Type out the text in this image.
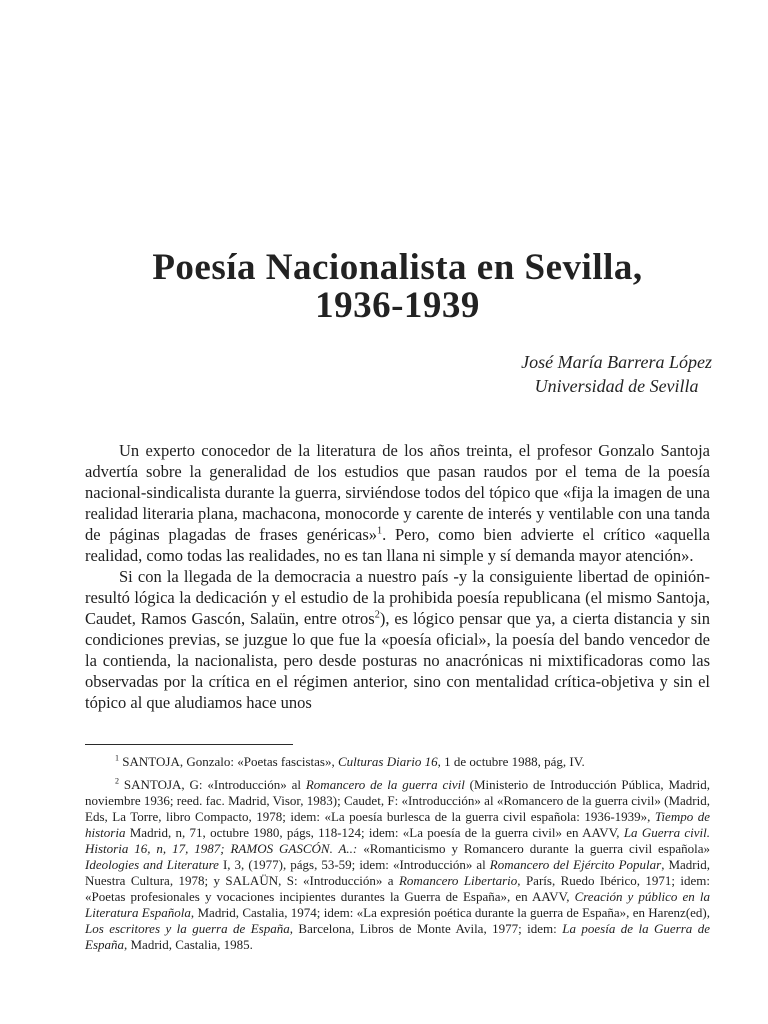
Poesía Nacionalista en Sevilla,
1936-1939
José María Barrera López
Universidad de Sevilla

Un experto conocedor de la literatura de los años treinta, el profesor Gonzalo Santoja advertía sobre la generalidad de los estudios que pasan raudos por el tema de la poesía nacional-sindicalista durante la guerra, sirviéndose todos del tópico que «fija la imagen de una realidad literaria plana, machacona, monocorde y carente de interés y ventilable con una tanda de páginas plagadas de frases genéricas»$^1$. Pero, como bien advierte el crítico «aquella realidad, como todas las realidades, no es tan llana ni simple y sí demanda mayor atención».

Si con la llegada de la democracia a nuestro país -y la consiguiente libertad de opinión- resultó lógica la dedicación y el estudio de la prohibida poesía republicana (el mismo Santoja, Caudet, Ramos Gascón, Salaün, entre otros$^2$), es lógico pensar que ya, a cierta distancia y sin condiciones previas, se juzgue lo que fue la «poesía oficial», la poesía del bando vencedor de la contienda, la nacionalista, pero desde posturas no anacrónicas ni mixtificadoras como las observadas por la crítica en el régimen anterior, sino con mentalidad crítica-objetiva y sin el tópico al que aludiamos hace unos

$^1$ SANTOJA, Gonzalo: «Poetas fascistas», Culturas Diario 16, 1 de octubre 1988, pág, IV.

$^2$ SANTOJA, G: «Introducción» al Romancero de la guerra civil (Ministerio de Introducción Pública, Madrid, noviembre 1936; reed. fac. Madrid, Visor, 1983); Caudet, F: «Introducción» al «Romancero de la guerra civil» (Madrid, Eds, La Torre, libro Compacto, 1978; idem: «La poesía burlesca de la guerra civil española: 1936-1939», Tiempo de historia Madrid, n, 71, octubre 1980, págs, 118-124; idem: «La poesía de la guerra civil» en AAVV, La Guerra civil. Historia 16, n, 17, 1987; RAMOS GASCÓN. A..: «Romanticismo y Romancero durante la guerra civil española» Ideologies and Literature I, 3, (1977), págs, 53-59; idem: «Introducción» al Romancero del Ejército Popular, Madrid, Nuestra Cultura, 1978; y SALAÜN, S: «Introducción» a Romancero Libertario, París, Ruedo Ibérico, 1971; idem: «Poetas profesionales y vocaciones incipientes durantes la Guerra de España», en AAVV, Creación y público en la Literatura Española, Madrid, Castalia, 1974; idem: «La expresión poética durante la guerra de España», en Harenz(ed), Los escritores y la guerra de España, Barcelona, Libros de Monte Avila, 1977; idem: La poesía de la Guerra de España, Madrid, Castalia, 1985.
